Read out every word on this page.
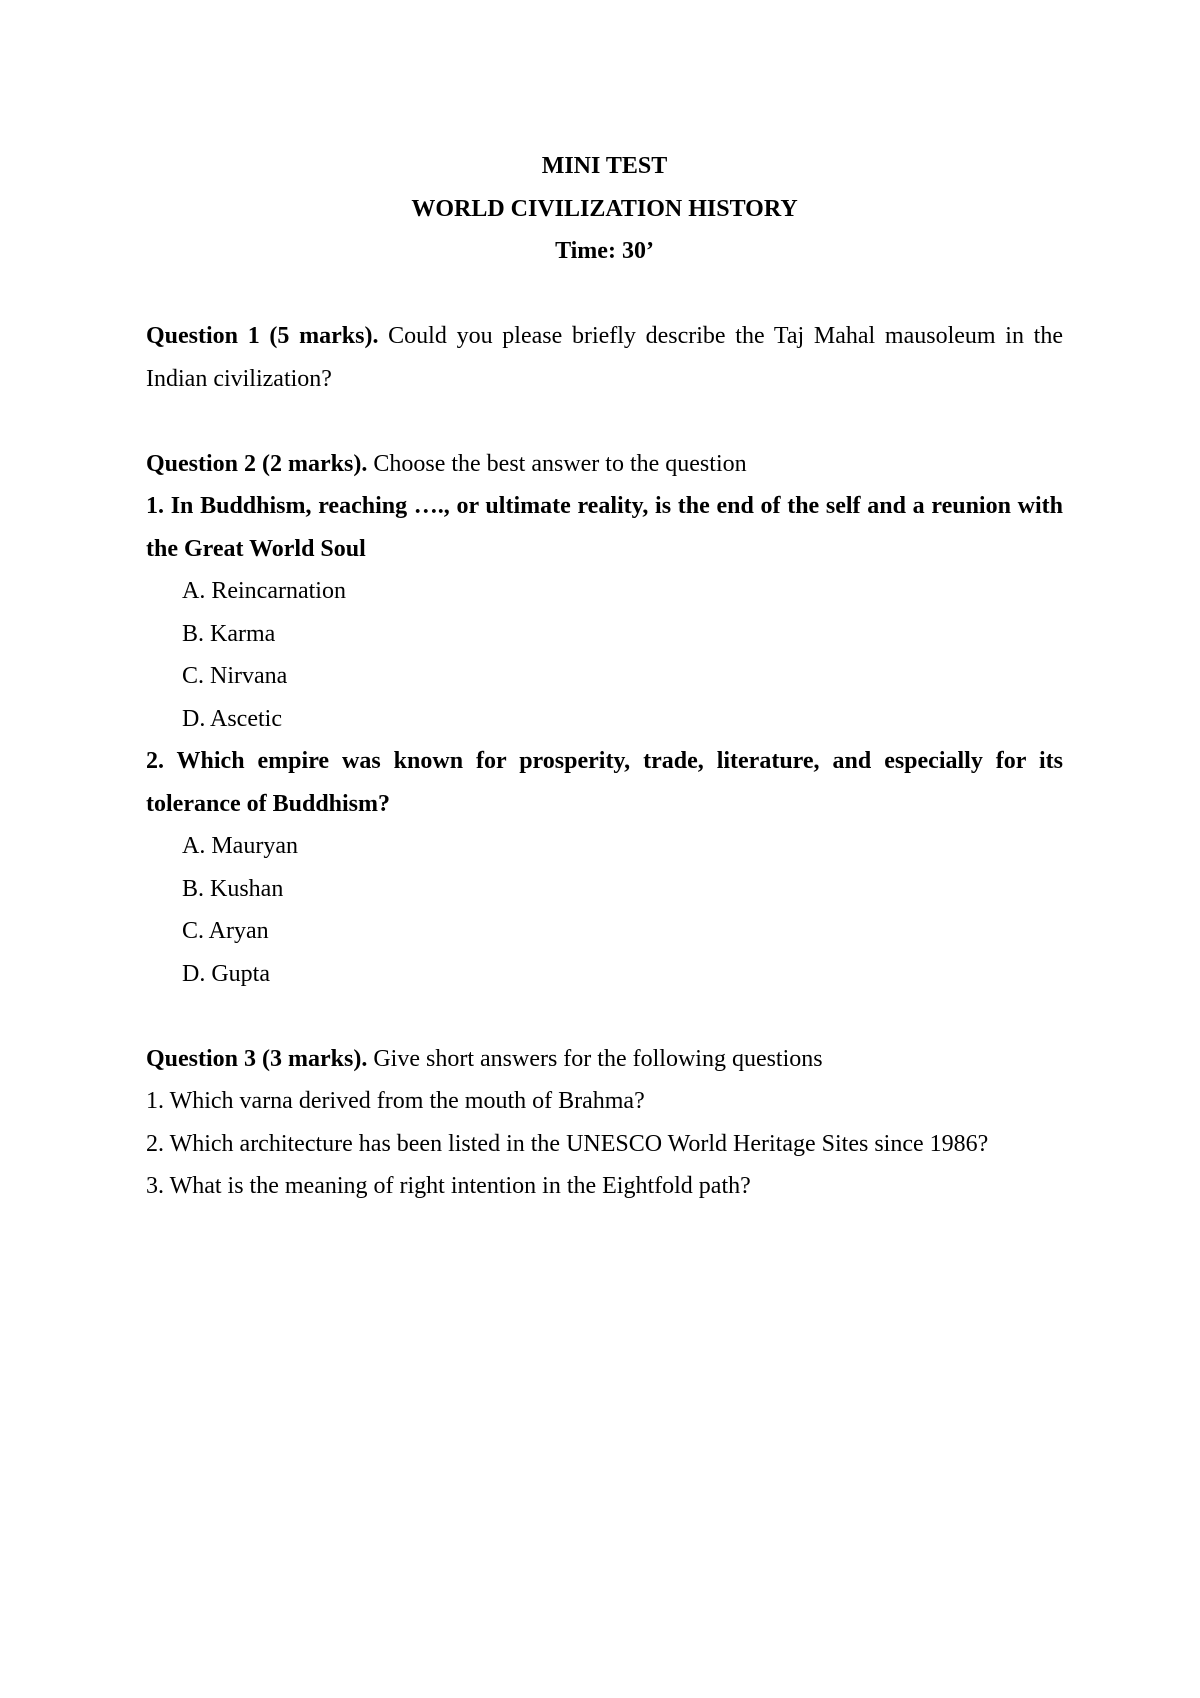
MINI TEST

WORLD CIVILIZATION HISTORY

Time: 30’

Question 1 (5 marks). Could you please briefly describe the Taj Mahal mausoleum in the Indian civilization?

Question 2 (2 marks). Choose the best answer to the question

1. In Buddhism, reaching …., or ultimate reality, is the end of the self and a reunion with the Great World Soul

A. Reincarnation

B. Karma

C. Nirvana

D. Ascetic

2. Which empire was known for prosperity, trade, literature, and especially for its tolerance of Buddhism?

A. Mauryan

B. Kushan

C. Aryan

D. Gupta

Question 3 (3 marks). Give short answers for the following questions

1. Which varna derived from the mouth of Brahma?

2. Which architecture has been listed in the UNESCO World Heritage Sites since 1986?

3. What is the meaning of right intention in the Eightfold path?
